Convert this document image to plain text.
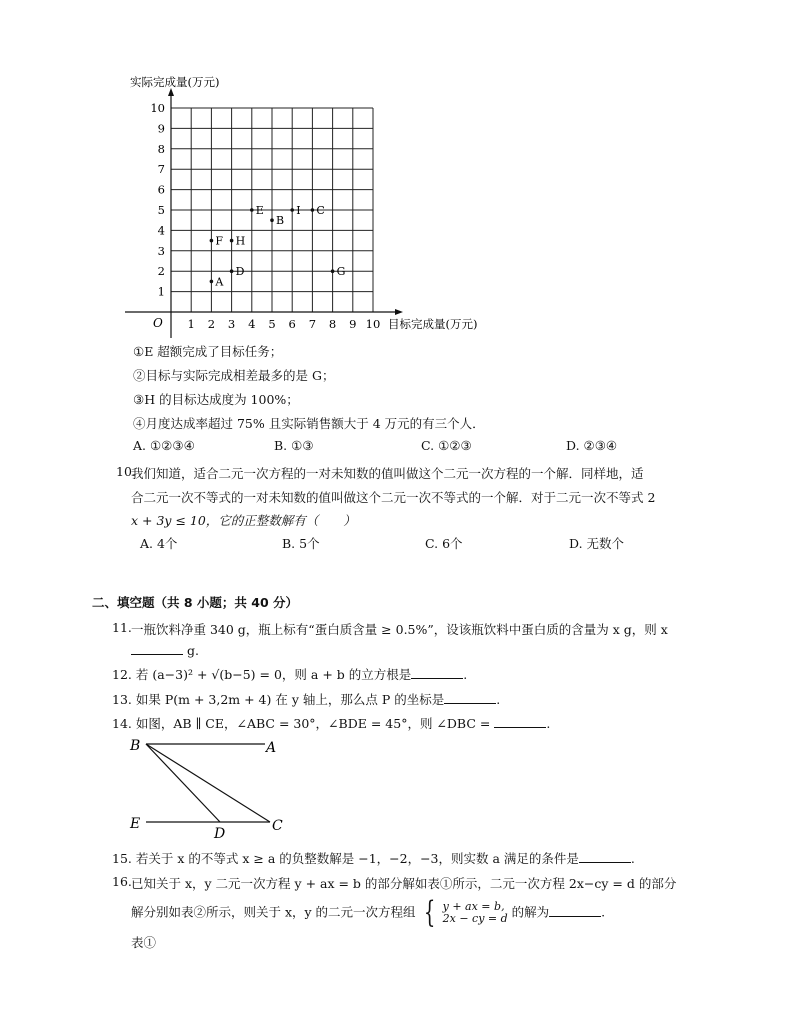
1 2 3 4 5 6 7 8 9 10
1
2
3
4
5
6
7
8
9
10
A
F H
D
E
B
I C
G
实际完成量(万元)
目标完成量(万元)
O
①E 超额完成了目标任务；
②目标与实际完成相差最多的是 G；
③H 的目标达成度为 100%；
④月度达成率超过 75% 且实际销售额大于 4 万元的有三个人．
A. ①②③④	B. ①③	C. ①②③	D. ②③④
10.
我们知道，适合二元一次方程的一对未知数的值叫做这个二元一次方程的一个解．同样地，适
合二元一次不等式的一对未知数的值叫做这个二元一次不等式的一个解．对于二元一次不等式 2
x + 3y ≤ 10，它的正整数解有（　　）
A. 4个	B. 5个	C. 6个	D. 无数个
二、填空题（共 8 小题；共 40 分）
11. 一瓶饮料净重 340 g，瓶上标有“蛋白质含量 ≥ 0.5%”，设该瓶饮料中蛋白质的含量为 x g，则 x
g.
12. 若 (a−3)² + √(b−5) = 0，则 a + b 的立方根是	.
13. 如果 P(m + 3,2m + 4) 在 y 轴上，那么点 P 的坐标是	.
14. 如图，AB ∥ CE，∠ABC = 30°，∠BDE = 45°，则 ∠DBC =	.
B	A
E
D	C
15. 若关于 x 的不等式 x ≥ a 的负整数解是 −1，−2，−3，则实数 a 满足的条件是	.
16. 已知关于 x，y 二元一次方程 y + ax = b 的部分解如表①所示，二元一次方程 2x−cy = d 的部分
解分别如表②所示，则关于 x，y 的二元一次方程组 { y + ax = b,
2x − cy = d 的解为	.
表①
